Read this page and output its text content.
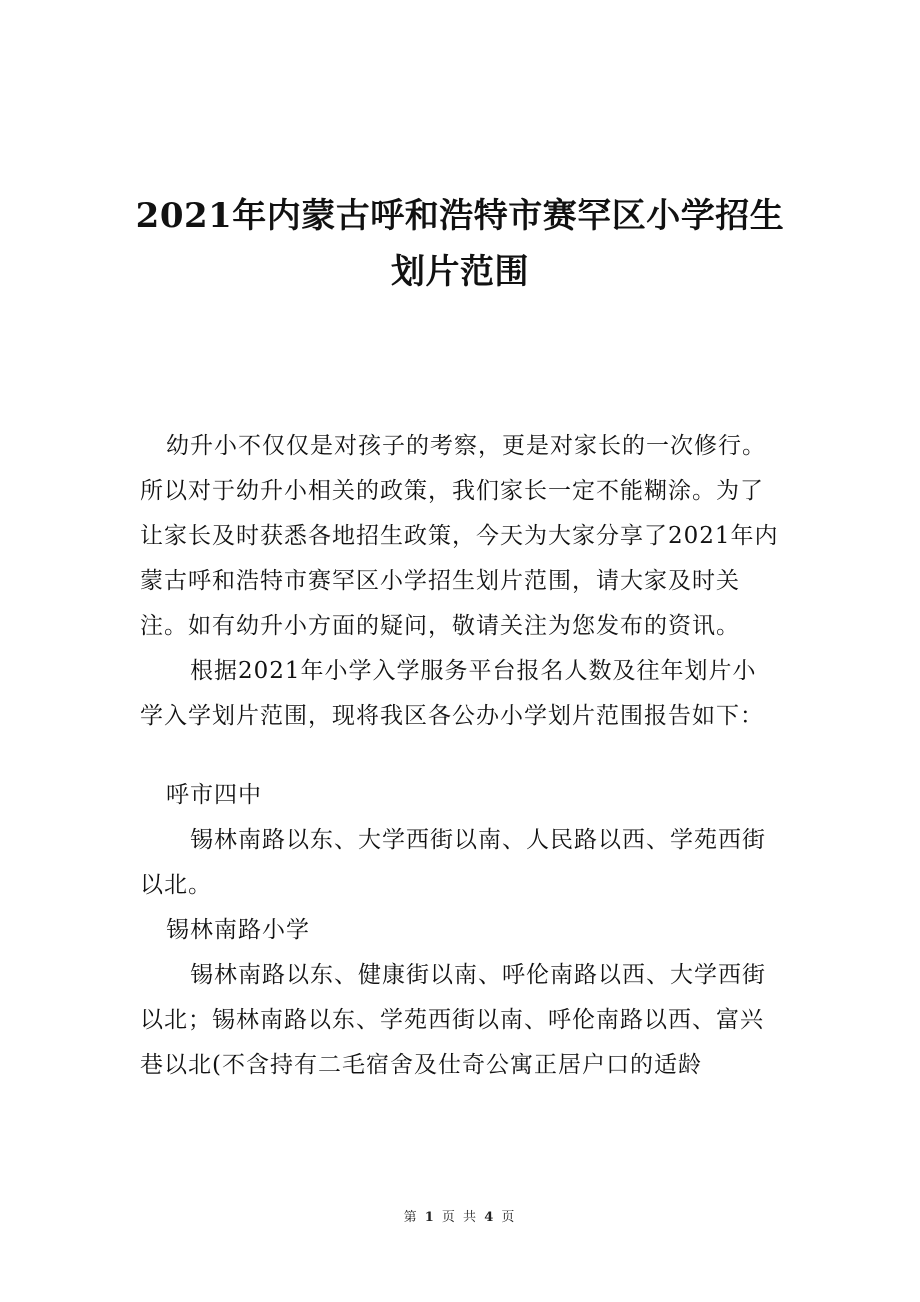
2021年内蒙古呼和浩特市赛罕区小学招生
划片范围

幼升小不仅仅是对孩子的考察，更是对家长的一次修行。所以对于幼升小相关的政策，我们家长一定不能糊涂。为了让家长及时获悉各地招生政策，今天为大家分享了2021年内蒙古呼和浩特市赛罕区小学招生划片范围，请大家及时关注。如有幼升小方面的疑问，敬请关注为您发布的资讯。

根据2021年小学入学服务平台报名人数及往年划片小学入学划片范围，现将我区各公办小学划片范围报告如下：

呼市四中

锡林南路以东、大学西街以南、人民路以西、学苑西街以北。

锡林南路小学

锡林南路以东、健康街以南、呼伦南路以西、大学西街以北；锡林南路以东、学苑西街以南、呼伦南路以西、富兴巷以北(不含持有二毛宿舍及仕奇公寓正居户口的适龄

第 1 页 共 4 页
